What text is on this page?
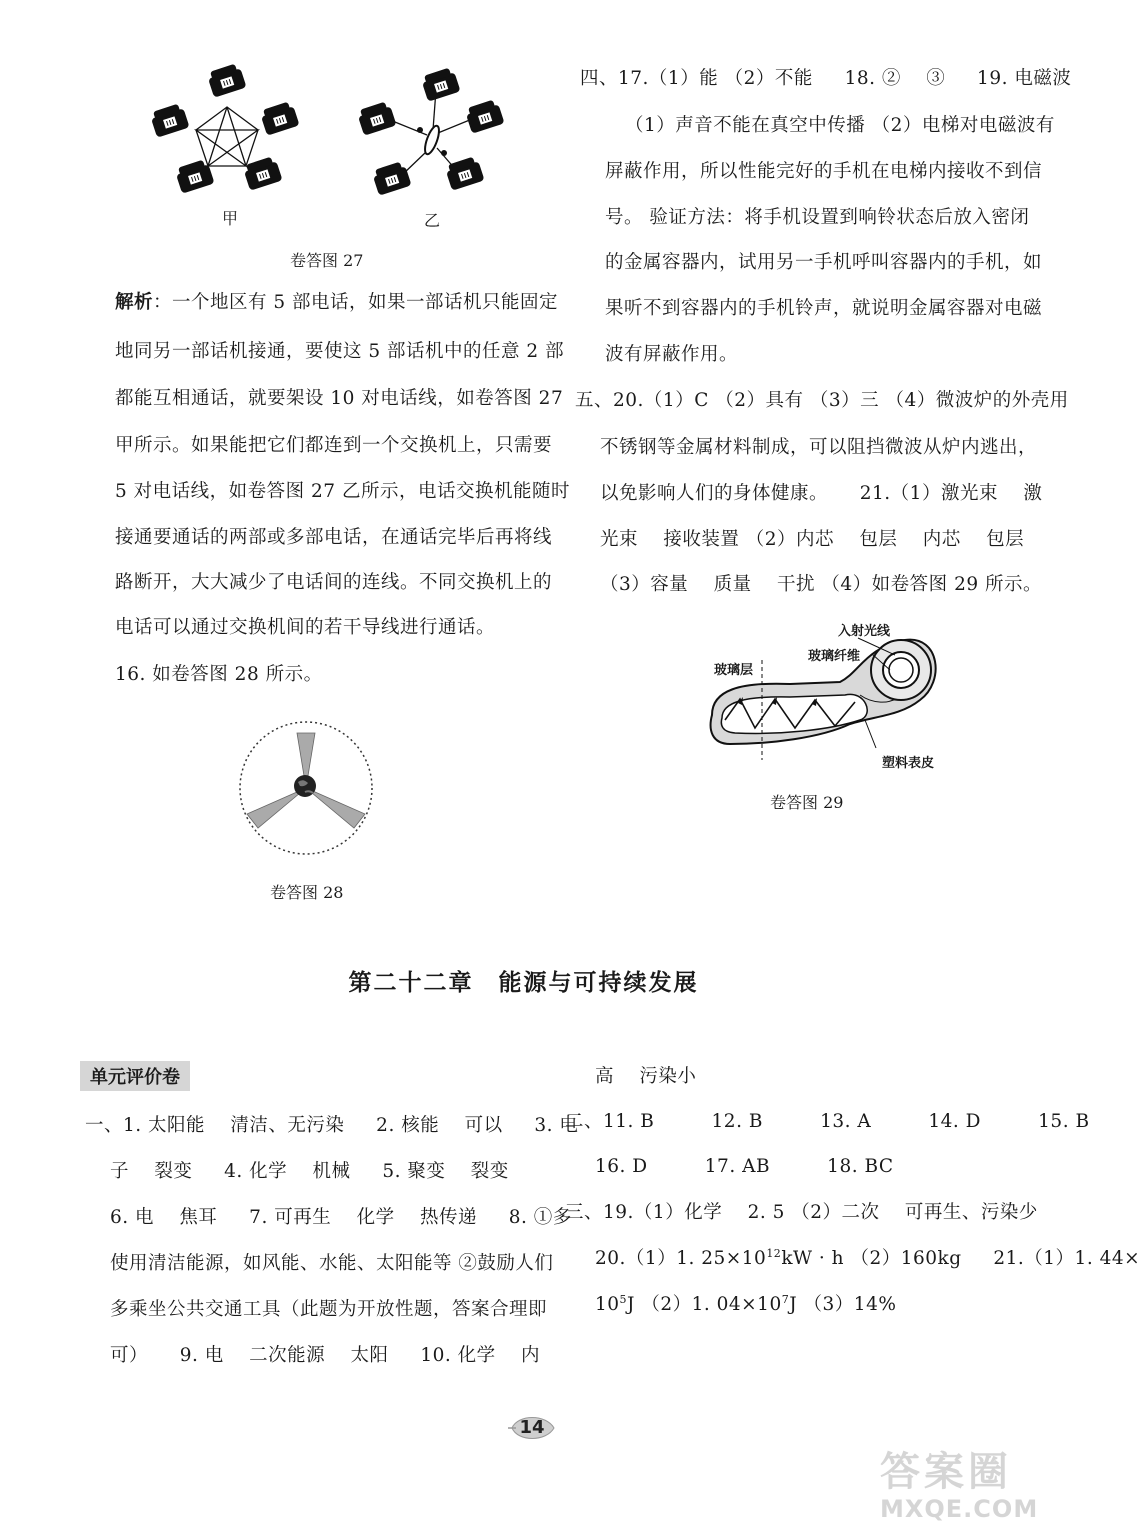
甲	乙
卷答图 27
解析：一个地区有 5 部电话，如果一部话机只能固定
地同另一部话机接通，要使这 5 部话机中的任意 2 部
都能互相通话，就要架设 10 对电话线，如卷答图 27
甲所示。如果能把它们都连到一个交换机上，只需要
5 对电话线，如卷答图 27 乙所示，电话交换机能随时
接通要通话的两部或多部电话，在通话完毕后再将线
路断开，大大减少了电话间的连线。不同交换机上的
电话可以通过交换机间的若干导线进行通话。
16. 如卷答图 28 所示。
卷答图 28
四、17.（1）能 （2）不能 　 18. ② 　③ 　 19. 电磁波
（1）声音不能在真空中传播 （2）电梯对电磁波有
屏蔽作用，所以性能完好的手机在电梯内接收不到信
号。 验证方法：将手机设置到响铃状态后放入密闭
的金属容器内，试用另一手机呼叫容器内的手机，如
果听不到容器内的手机铃声，就说明金属容器对电磁
波有屏蔽作用。
五、20.（1）C （2）具有 （3）三 （4）微波炉的外壳用
不锈钢等金属材料制成，可以阻挡微波从炉内逃出，
以免影响人们的身体健康。 　 21.（1）激光束 　激
光束 　接收装置 （2）内芯 　包层 　内芯 　包层
（3）容量 　质量 　干扰 （4）如卷答图 29 所示。
入射光线
玻璃纤维
玻璃层
塑料表皮
卷答图 29
第二十二章　能源与可持续发展
单元评价卷
一、1. 太阳能 　清洁、无污染 　 2. 核能 　可以 　 3. 电
子 　裂变 　 4. 化学 　机械 　 5. 聚变 　裂变
6. 电 　焦耳 　 7. 可再生 　化学 　热传递 　 8. ①多
使用清洁能源，如风能、水能、太阳能等 ②鼓励人们
多乘坐公共交通工具（此题为开放性题，答案合理即
可） 　 9. 电 　二次能源 　太阳 　 10. 化学 　内
高 　污染小
二、11. B 　 　 12. B 　 　 13. A 　 　 14. D 　 　 15. B
16. D 　 　 17. AB 　 　 18. BC
三、19.（1）化学 　2. 5 （2）二次 　可再生、污染少
20.（1）1. $25\times 10^{12}kW \cdot h$ （2）160kg 　 21.（1）1. 44×
$10^5J$ （2）1. $04\times 10^7J$ （3）14%
14
答案圈
MXQE.COM
